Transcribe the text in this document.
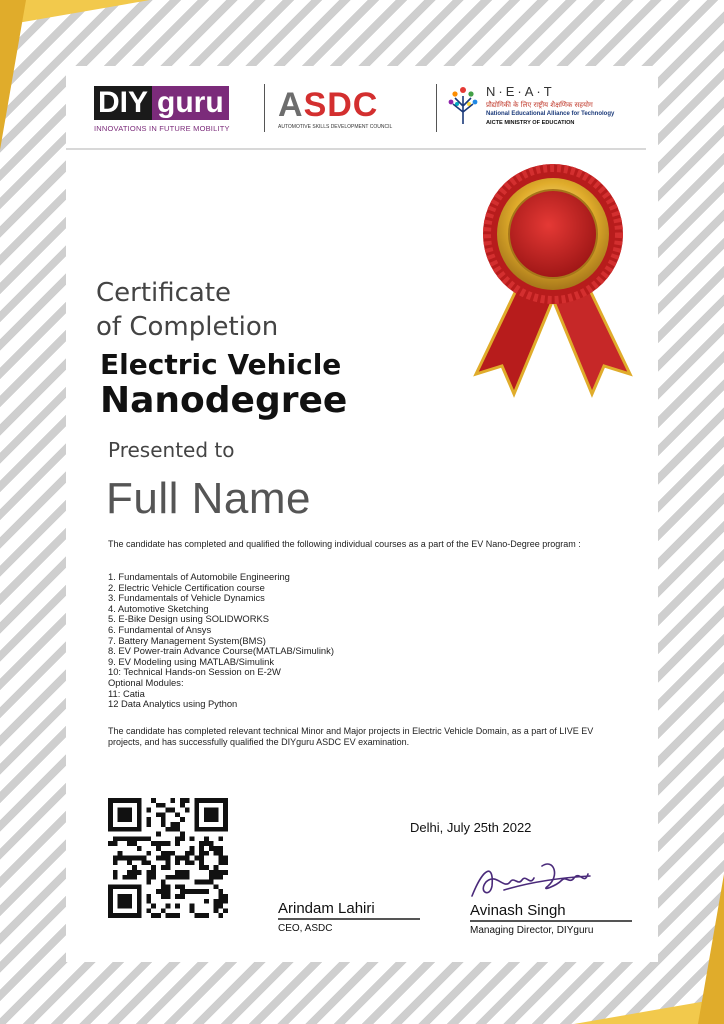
DIY guru
INNOVATIONS IN FUTURE MOBILITY
ASDC
AUTOMOTIVE SKILLS DEVELOPMENT COUNCIL
N·E·A·T
प्रौद्योगिकी के लिए राष्ट्रीय शैक्षणिक सहयोग
National Educational Alliance for Technology
AICTE MINISTRY OF EDUCATION
Certificate
of Completion
Electric Vehicle
Nanodegree
Presented to
Full Name

The candidate has completed and qualified the following individual courses as a part of the EV Nano-Degree program :

1. Fundamentals of Automobile Engineering
2. Electric Vehicle Certification course
3. Fundamentals of Vehicle Dynamics
4. Automotive Sketching
5. E-Bike Design using SOLIDWORKS
6. Fundamental of Ansys
7. Battery Management System(BMS)
8. EV Power-train Advance Course(MATLAB/Simulink)
9. EV Modeling using MATLAB/Simulink
10: Technical Hands-on Session on E-2W
Optional Modules:
11: Catia
12 Data Analytics using Python

The candidate has completed relevant technical Minor and Major projects in Electric Vehicle Domain, as a part of LIVE EV projects, and has successfully qualified the DIYguru ASDC EV examination.

Delhi, July 25th 2022
Arindam Lahiri
CEO, ASDC
Avinash Singh
Managing Director, DIYguru
